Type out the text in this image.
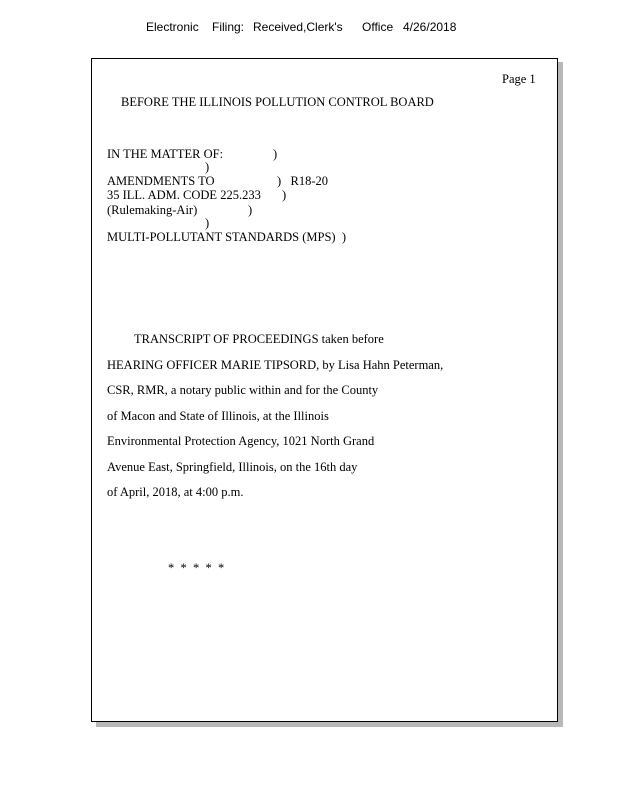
Electronic

Filing:

Received,Clerk's

Office

4/26/2018

Page 1
BEFORE THE ILLINOIS POLLUTION CONTROL BOARD
IN THE MATTER OF:	)
)
AMENDMENTS TO	)   R18-20
35 ILL. ADM. CODE 225.233 )
(Rulemaking-Air)	)
)
MULTI-POLLUTANT STANDARDS (MPS)  )
TRANSCRIPT OF PROCEEDINGS taken before
HEARING OFFICER MARIE TIPSORD, by Lisa Hahn Peterman,
CSR, RMR, a notary public within and for the County
of Macon and State of Illinois, at the Illinois
Environmental Protection Agency, 1021 North Grand
Avenue East, Springfield, Illinois, on the 16th day
of April, 2018, at 4:00 p.m.
*  *  *  *  *
